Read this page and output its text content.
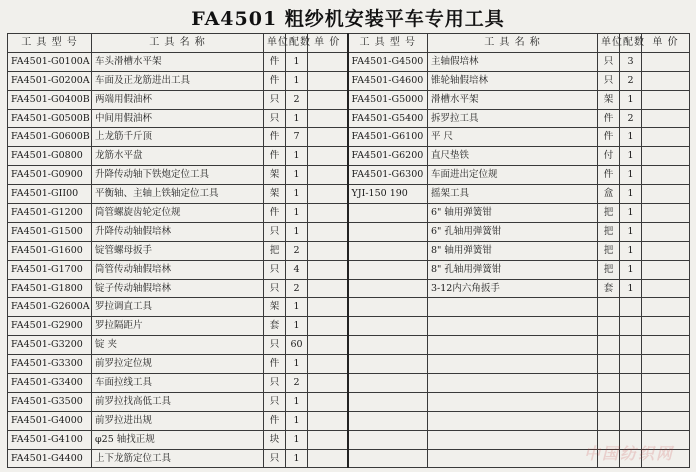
FA4501 粗纱机安装平车专用工具
工 具 型 号	工 具 名 称	单位	配数	单 价	工 具 型 号	工 具 名 称	单位	配数	单 价
FA4501-G0100A	车头滑槽水平架	件	1		FA4501-G4500	主轴假培林	只	3	
FA4501-G0200A	车面及正龙筋进出工具	件	1		FA4501-G4600	锥轮轴假培林	只	2	
FA4501-G0400B	两端用假油杯	只	2		FA4501-G5000	滑槽水平架	架	1	
FA4501-G0500B	中间用假油杯	只	1		FA4501-G5400	拆罗拉工具	件	2	
FA4501-G0600B	上龙筋千斤顶	件	7		FA4501-G6100	平 尺	件	1	
FA4501-G0800	龙筋水平盘	件	1		FA4501-G6200	直尺垫铁	付	1	
FA4501-G0900	升降传动轴下铁炮定位工具	架	1		FA4501-G6300	车面进出定位规	件	1	
FA4501-GII00	平衡轴、主轴上铁轴定位工具	架	1		YJI-150 190	摇架工具	盒	1	
FA4501-G1200	筒管螺旋齿轮定位规	件	1			6" 轴用弹簧钳	把	1	
FA4501-G1500	升降传动轴假培林	只	1			6" 孔轴用弹簧钳	把	1	
FA4501-G1600	锭管螺母扳手	把	2			8" 轴用弹簧钳	把	1	
FA4501-G1700	筒管传动轴假培林	只	4			8" 孔轴用弹簧钳	把	1	
FA4501-G1800	锭子传动轴假培林	只	2			3-12内六角扳手	套	1	
FA4501-G2600A	罗拉调直工具	架	1						
FA4501-G2900	罗拉隔距片	套	1						
FA4501-G3200	锭 夹	只	60						
FA4501-G3300	前罗拉定位规	件	1						
FA4501-G3400	车面拉线工具	只	2						
FA4501-G3500	前罗拉找高低工具	只	1						
FA4501-G4000	前罗拉进出规	件	1						
FA4501-G4100	φ25 轴找正规	块	1						
FA4501-G4400	上下龙筋定位工具	只	1							中国纺织网
